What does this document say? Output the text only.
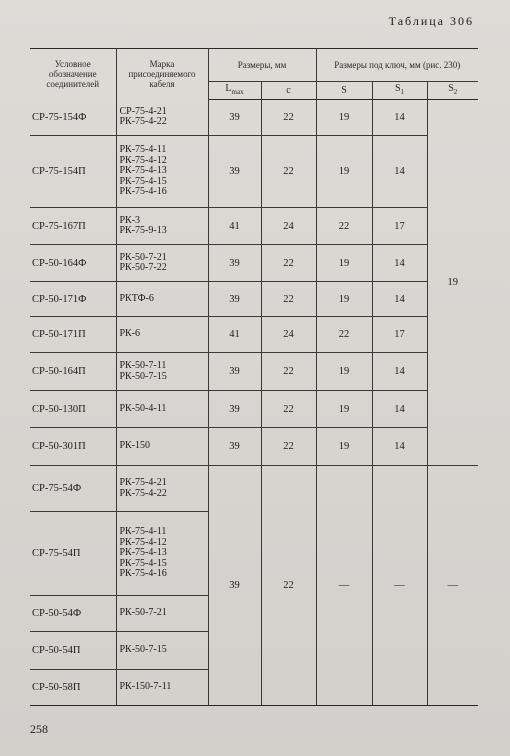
Таблица 306
Условное обозначение соединителей	Марка присоединяемого кабеля	Размеры, мм		Размеры под ключ, мм (рис. 230)		
		$L_{max}$	c	S	$S_1$	$S_2$
СР-75-154Ф	СР-75-4-21
РК-75-4-22	39	22	19	14	19
СР-75-154П	РК-75-4-11
РК-75-4-12
РК-75-4-13
РК-75-4-15
РК-75-4-16	39	22	19	14	
СР-75-167П	РК-3
РК-75-9-13	41	24	22	17	
СР-50-164Ф	РК-50-7-21
РК-50-7-22	39	22	19	14	
СР-50-171Ф	РКТФ-6	39	22	19	14	
СР-50-171П	РК-6	41	24	22	17	
СР-50-164П	РК-50-7-11
РК-50-7-15	39	22	19	14	
СР-50-130П	РК-50-4-11	39	22	19	14	
СР-50-301П	РК-150	39	22	19	14	
СР-75-54Ф	РК-75-4-21
РК-75-4-22	39	22	—	—	—
СР-75-54П	РК-75-4-11
РК-75-4-12
РК-75-4-13
РК-75-4-15
РК-75-4-16					

СР-50-54Ф	РК-50-7-21					

СР-50-54П	РК-50-7-15					

СР-50-58П	РК-150-7-11					
258
